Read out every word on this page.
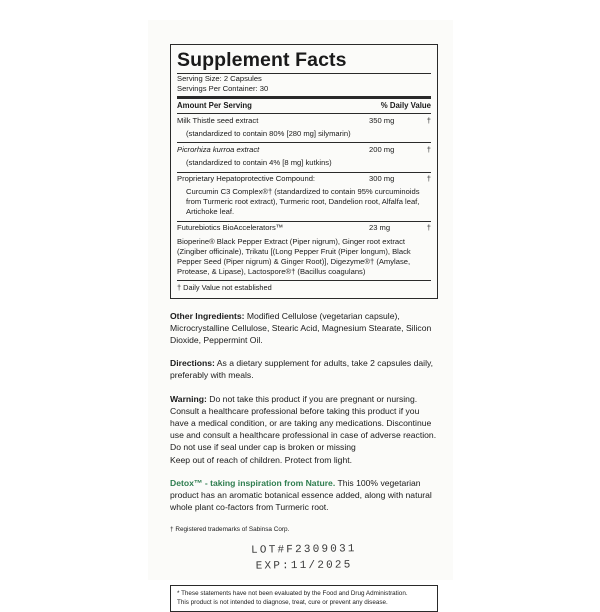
Supplement Facts
Serving Size: 2 Capsules
Servings Per Container: 30
Amount Per Serving	% Daily Value
Milk Thistle seed extract	350 mg	†
(standardized to contain 80% [280 mg] silymarin)
Picrorhiza kurroa extract	200 mg	†
(standardized to contain 4% [8 mg] kutkins)
Proprietary Hepatoprotective Compound:	300 mg	†
Curcumin C3 Complex®† (standardized to contain 95% curcuminoids from Turmeric root extract), Turmeric root, Dandelion root, Alfalfa leaf, Artichoke leaf.
Futurebiotics BioAccelerators™	23 mg	†
Bioperine® Black Pepper Extract (Piper nigrum), Ginger root extract (Zingiber officinale), Trikatu [(Long Pepper Fruit (Piper longum), Black Pepper Seed (Piper nigrum) & Ginger Root)], Digezyme®† (Amylase, Protease, & Lipase), Lactospore®† (Bacillus coagulans)
† Daily Value not established
Other Ingredients: Modified Cellulose (vegetarian capsule), Microcrystalline Cellulose, Stearic Acid, Magnesium Stearate, Silicon Dioxide, Peppermint Oil.
Directions: As a dietary supplement for adults, take 2 capsules daily, preferably with meals.
Warning: Do not take this product if you are pregnant or nursing. Consult a healthcare professional before taking this product if you have a medical condition, or are taking any medications. Discontinue use and consult a healthcare professional in case of adverse reaction.
Do not use if seal under cap is broken or missing
Keep out of reach of children. Protect from light.
Detox™ - taking inspiration from Nature. This 100% vegetarian product has an aromatic botanical essence added, along with natural whole plant co-factors from Turmeric root.
† Registered trademarks of Sabinsa Corp.
LOT#F2309031
EXP:11/2025
* These statements have not been evaluated by the Food and Drug Administration.
This product is not intended to diagnose, treat, cure or prevent any disease.
